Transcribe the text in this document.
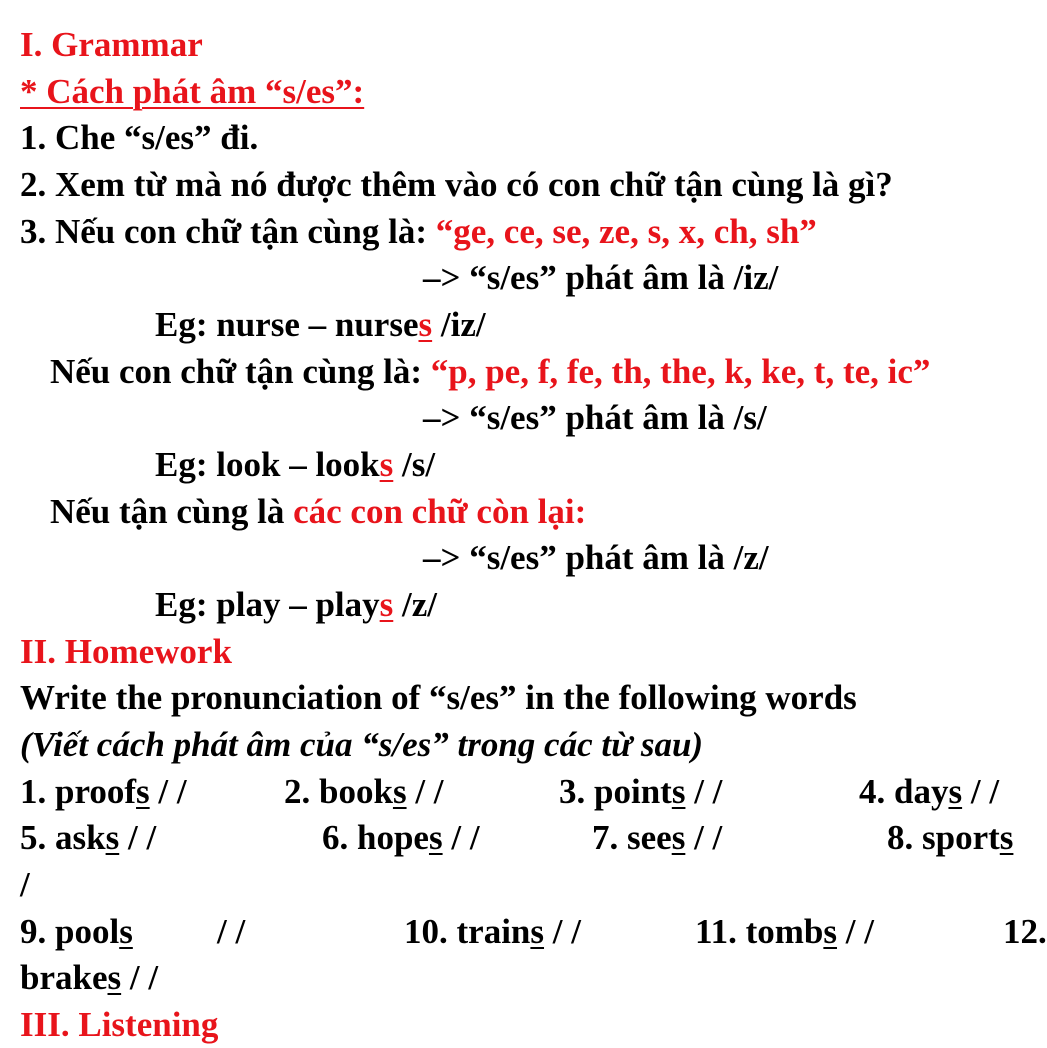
I. Grammar
* Cách phát âm “s/es”:
1. Che “s/es” đi.
2. Xem từ mà nó được thêm vào có con chữ tận cùng là gì?
3. Nếu con chữ tận cùng là: “ge, ce, se, ze, s, x, ch, sh”
–> “s/es” phát âm là /iz/
Eg: nurse – nurses /iz/
Nếu con chữ tận cùng là: “p, pe, f, fe, th, the, k, ke, t, te, ic”
–> “s/es” phát âm là /s/
Eg: look – looks /s/
Nếu tận cùng là các con chữ còn lại:
–> “s/es” phát âm là /z/
Eg: play – plays /z/
II. Homework
Write the pronunciation of “s/es” in the following words
(Viết cách phát âm của “s/es” trong các từ sau)
1. proofs / /	2. books / /	3. points / /	4. days / /
5. asks / /	6. hopes / /	7. sees / /	8. sports
/
9. pools / /	10. trains / /	11. tombs / /	12.
brakes / /
III. Listening
